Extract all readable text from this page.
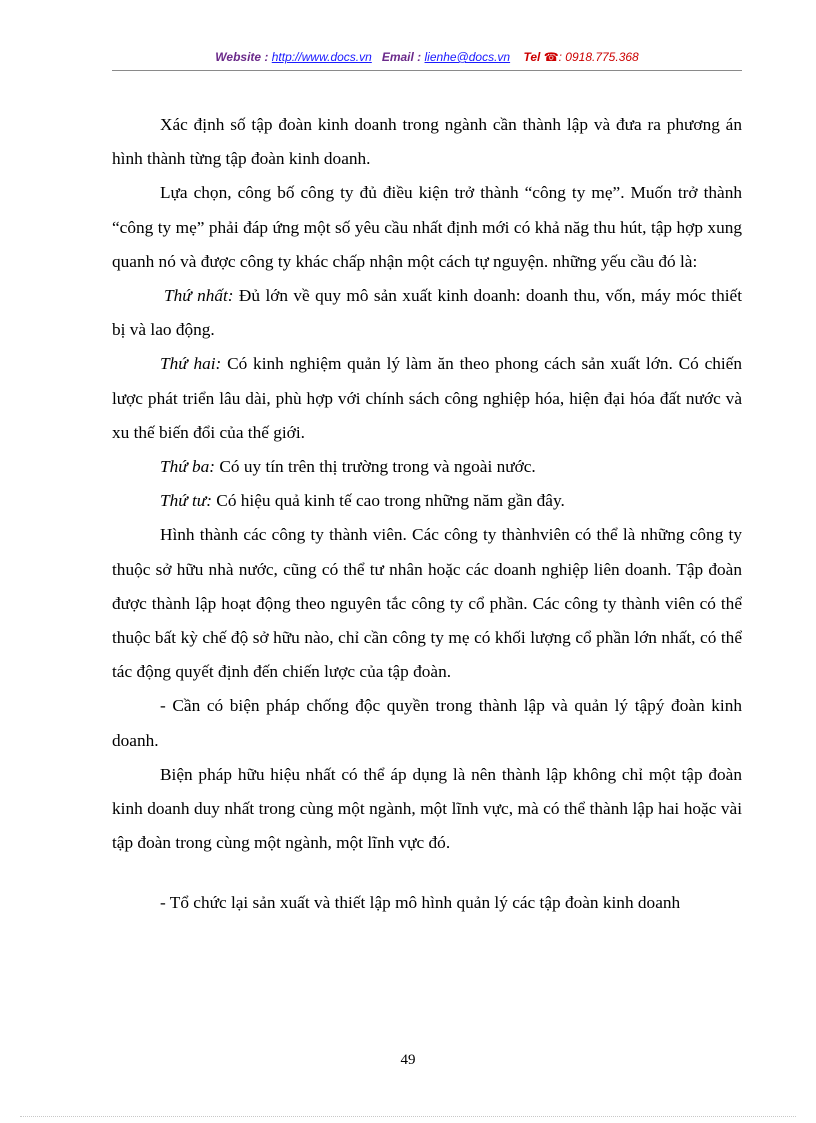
Website : http://www.docs.vn Email : lienhe@docs.vn Tel ☎: 0918.775.368

Xác định số tập đoàn kinh doanh trong ngành cần thành lập và đưa ra phương án hình thành từng tập đoàn kinh doanh.

Lựa chọn, công bố công ty đủ điều kiện trở thành “công ty mẹ”. Muốn trở thành “công ty mẹ” phải đáp ứng một số yêu cầu nhất định mới có khả năg thu hút, tập hợp xung quanh nó và được công ty khác chấp nhận một cách tự nguyện. những yếu cầu đó là:

Thứ nhất: Đủ lớn về quy mô sản xuất kinh doanh: doanh thu, vốn, máy móc thiết bị và lao động.

Thứ hai: Có kinh nghiệm quản lý làm ăn theo phong cách sản xuất lớn. Có chiến lược phát triển lâu dài, phù hợp với chính sách công nghiệp hóa, hiện đại hóa đất nước và xu thế biến đổi của thế giới.

Thứ ba: Có uy tín trên thị trường trong và ngoài nước.

Thứ tư: Có hiệu quả kinh tế cao trong những năm gần đây.

Hình thành các công ty thành viên. Các công ty thànhviên có thể là những công ty thuộc sở hữu nhà nước, cũng có thể tư nhân hoặc các doanh nghiệp liên doanh. Tập đoàn được thành lập hoạt động theo nguyên tắc công ty cổ phần. Các công ty thành viên có thể thuộc bất kỳ chế độ sở hữu nào, chỉ cần công ty mẹ có khối lượng cổ phần lớn nhất, có thể tác động quyết định đến chiến lược của tập đoàn.

- Cần có biện pháp chống độc quyền trong thành lập và quản lý tậpý đoàn kinh doanh.

Biện pháp hữu hiệu nhất có thể áp dụng là nên thành lập không chỉ một tập đoàn kinh doanh duy nhất trong cùng một ngành, một lĩnh vực, mà có thể thành lập hai hoặc vài tập đoàn trong cùng một ngành, một lĩnh vực đó.

- Tổ chức lại sản xuất và thiết lập mô hình quản lý các tập đoàn kinh doanh

49
